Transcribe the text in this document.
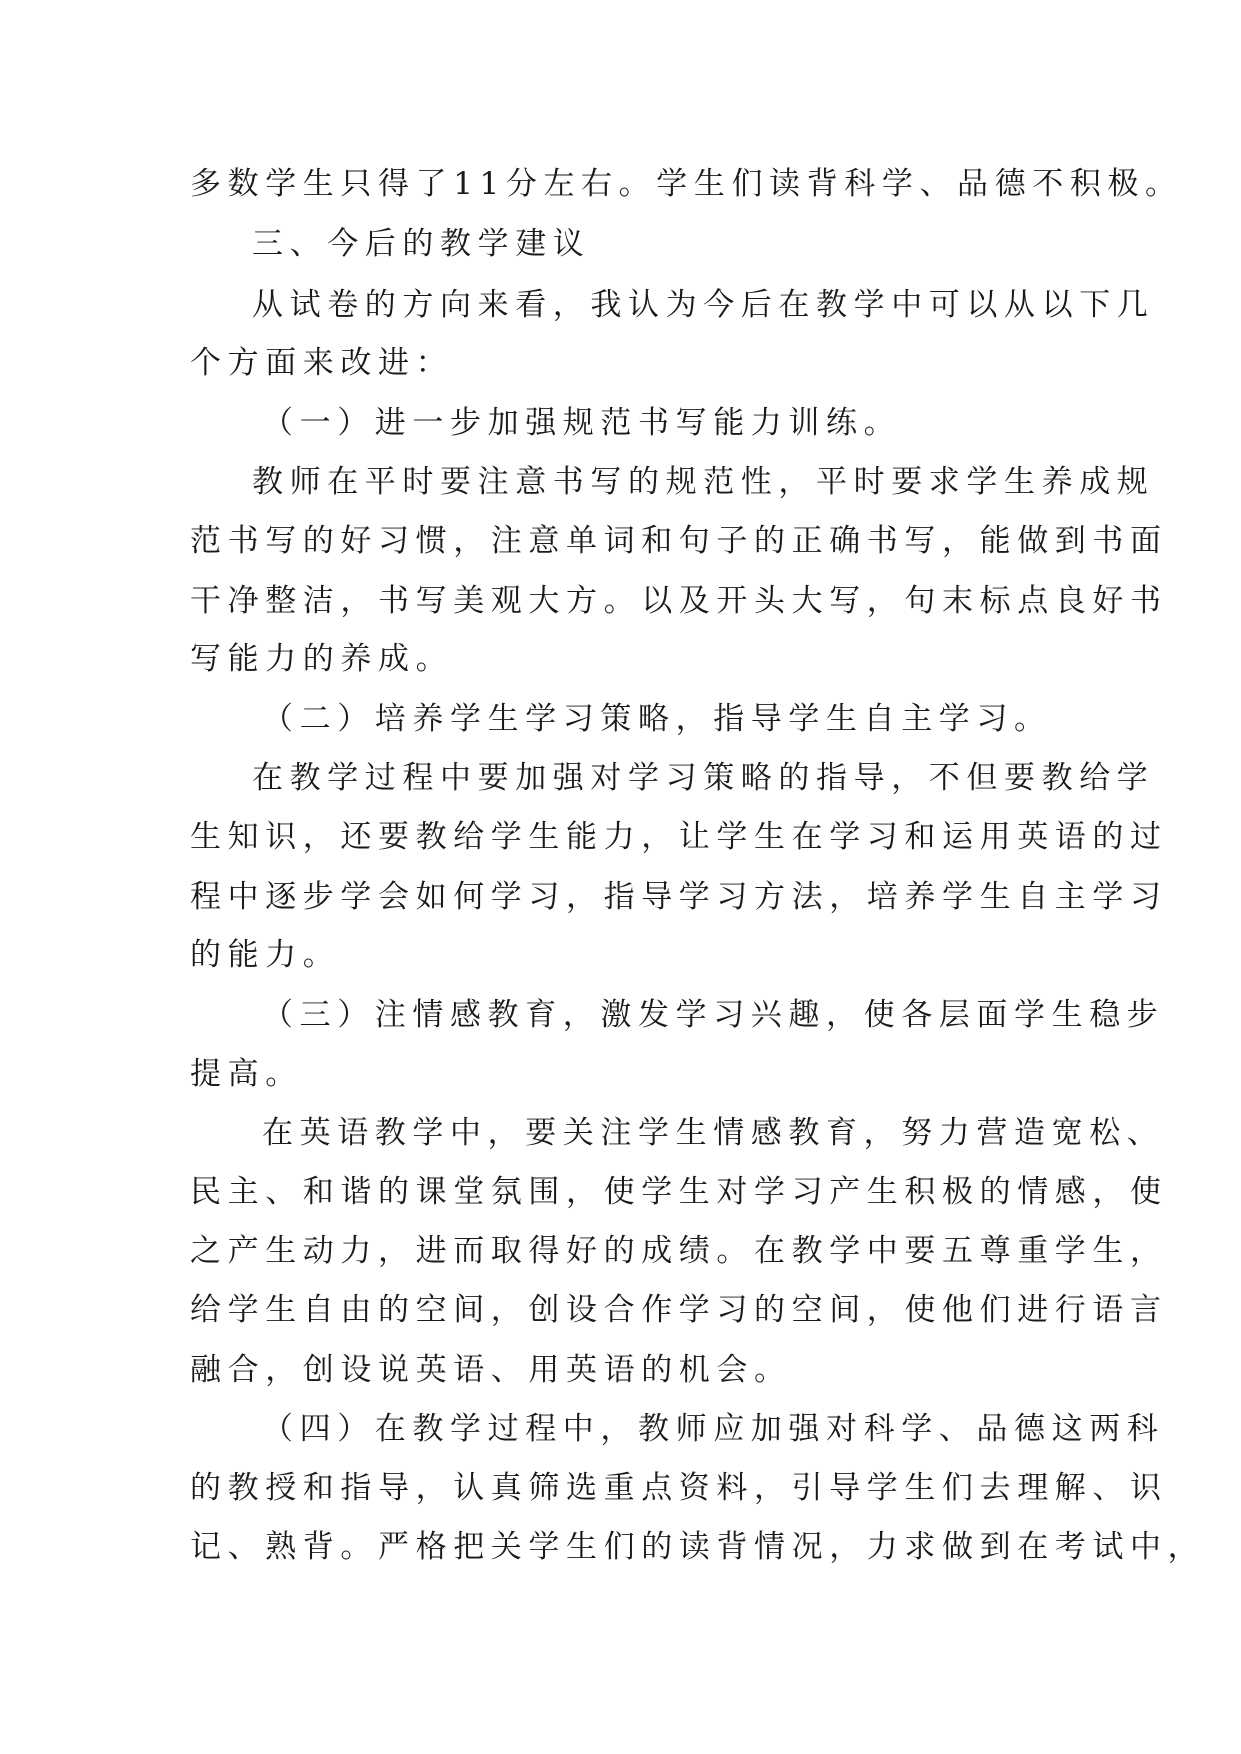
多数学生只得了11分左右。学生们读背科学、品德不积极。
三、今后的教学建议
从试卷的方向来看，我认为今后在教学中可以从以下几
个方面来改进：
（一）进一步加强规范书写能力训练。
教师在平时要注意书写的规范性，平时要求学生养成规
范书写的好习惯，注意单词和句子的正确书写，能做到书面
干净整洁，书写美观大方。以及开头大写，句末标点良好书
写能力的养成。
（二）培养学生学习策略，指导学生自主学习。
在教学过程中要加强对学习策略的指导，不但要教给学
生知识，还要教给学生能力，让学生在学习和运用英语的过
程中逐步学会如何学习，指导学习方法，培养学生自主学习
的能力。
（三）注情感教育，激发学习兴趣，使各层面学生稳步
提高。
在英语教学中，要关注学生情感教育，努力营造宽松、
民主、和谐的课堂氛围，使学生对学习产生积极的情感，使
之产生动力，进而取得好的成绩。在教学中要五尊重学生，
给学生自由的空间，创设合作学习的空间，使他们进行语言
融合，创设说英语、用英语的机会。
（四）在教学过程中，教师应加强对科学、品德这两科
的教授和指导，认真筛选重点资料，引导学生们去理解、识
记、熟背。严格把关学生们的读背情况，力求做到在考试中，
